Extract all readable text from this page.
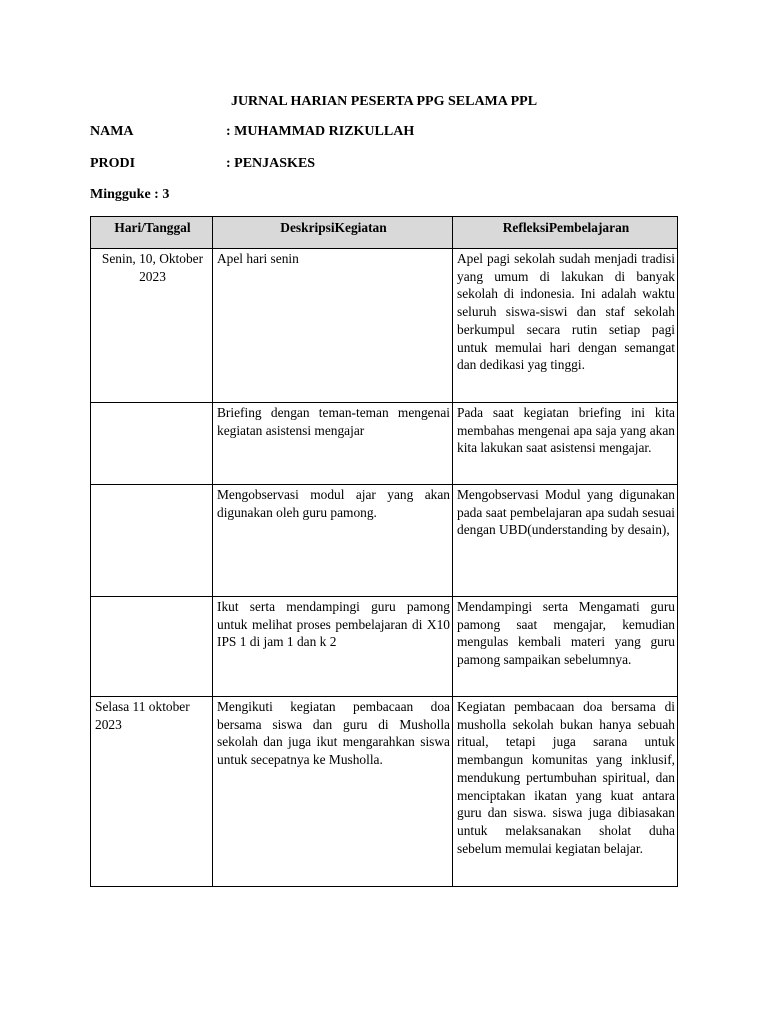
JURNAL HARIAN PESERTA PPG SELAMA PPL
NAMA	: MUHAMMAD RIZKULLAH
PRODI	: PENJASKES
Mingguke : 3
Hari/Tanggal	DeskripsiKegiatan	RefleksiPembelajaran
Senin, 10, Oktober 2023	Apel hari senin	Apel pagi sekolah sudah menjadi tradisi yang umum di lakukan di banyak sekolah di indonesia. Ini adalah waktu seluruh siswa-siswi dan staf sekolah berkumpul secara rutin setiap pagi untuk memulai hari dengan semangat dan dedikasi yag tinggi.
	Briefing dengan teman-teman mengenai kegiatan asistensi mengajar	Pada saat kegiatan briefing ini kita membahas mengenai apa saja yang akan kita lakukan saat asistensi mengajar.
	Mengobservasi modul ajar yang akan digunakan oleh guru pamong.	Mengobservasi Modul yang digunakan pada saat pembelajaran apa sudah sesuai dengan UBD(understanding by desain),
	Ikut serta mendampingi guru pamong untuk melihat proses pembelajaran di X10 IPS 1 di jam 1 dan k 2	Mendampingi serta Mengamati guru pamong saat mengajar, kemudian mengulas kembali materi yang guru pamong sampaikan sebelumnya.
Selasa 11 oktober 2023	Mengikuti kegiatan pembacaan doa bersama siswa dan guru di Musholla sekolah dan juga ikut mengarahkan siswa untuk secepatnya ke Musholla.	Kegiatan pembacaan doa bersama di musholla sekolah bukan hanya sebuah ritual, tetapi juga sarana untuk membangun komunitas yang inklusif, mendukung pertumbuhan spiritual, dan menciptakan ikatan yang kuat antara guru dan siswa. siswa juga dibiasakan untuk melaksanakan sholat duha sebelum memulai kegiatan belajar.
